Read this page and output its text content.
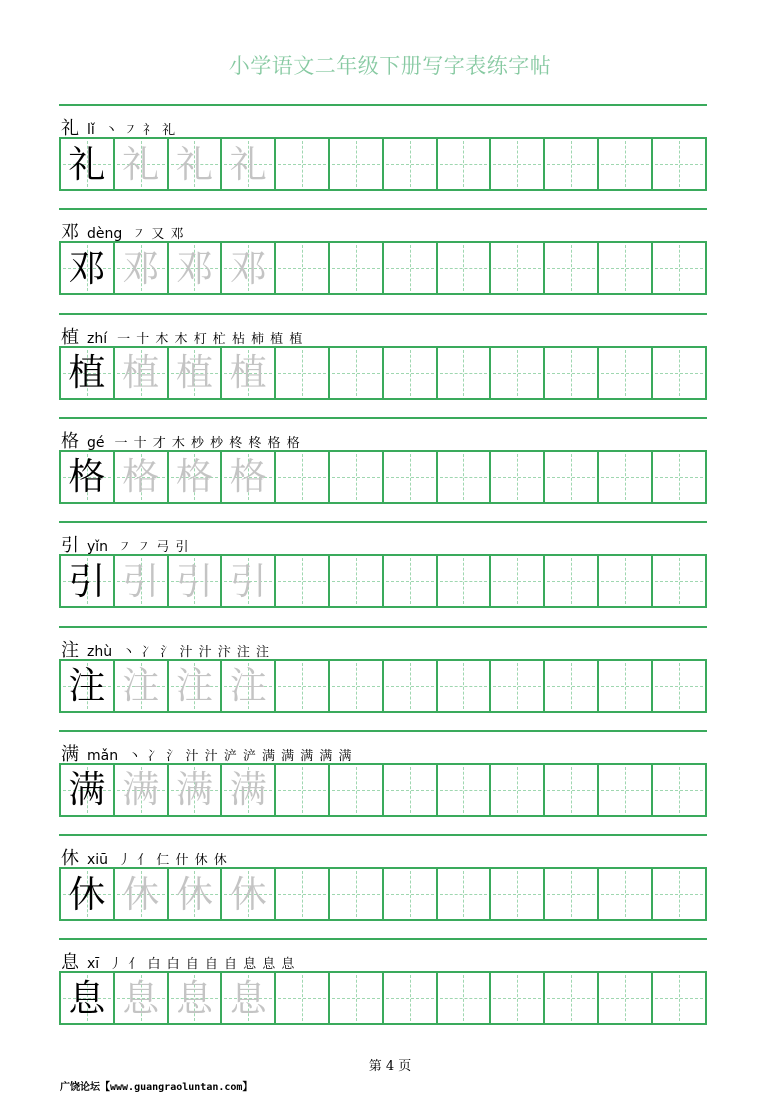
小学语文二年级下册写字表练字帖
礼 lǐ 丶 ㇇ 礻 礼
礼 礼 礼 礼
邓 dèng ㇇ 又 邓
邓 邓 邓 邓
植 zhí 一 十 木 木 朾 杧 枮 柿 植 植
植 植 植 植
格 gé 一 十 才 木 杪 杪 柊 柊 格 格
格 格 格 格
引 yǐn ㇇ ㇇ 弓 引
引 引 引 引
注 zhù 丶 冫 氵 汁 汁 汴 注 注
注 注 注 注
满 mǎn 丶 冫 氵 汁 汁 浐 浐 满 满 满 满 满
满 满 满 满
休 xiū 丿 亻 仁 什 休 休
休 休 休 休
息 xī 丿 亻 白 白 自 自 自 息 息 息
息 息 息 息
第 4 页
广饶论坛【www.guangraoluntan.com】
